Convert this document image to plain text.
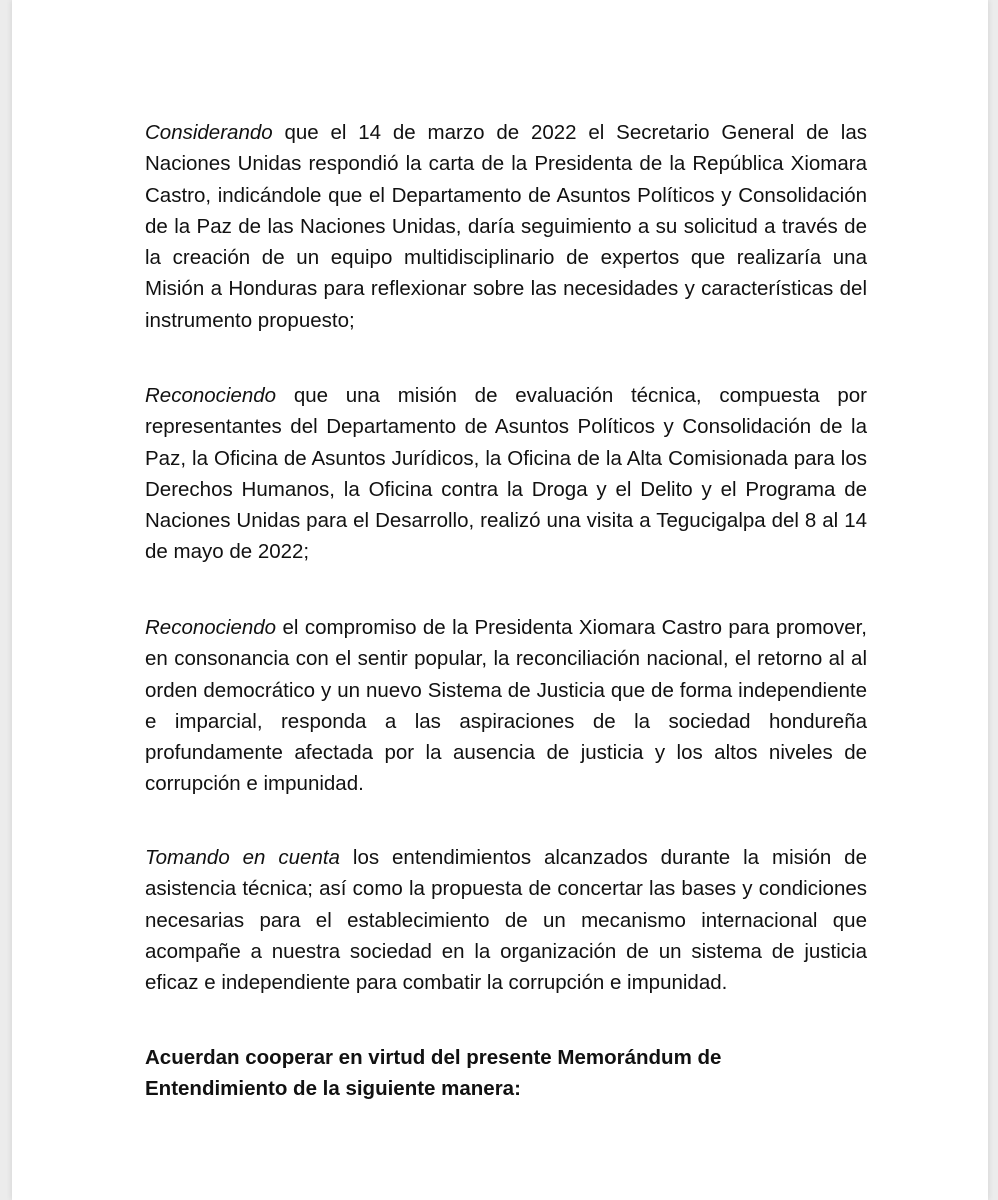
Considerando que el 14 de marzo de 2022 el Secretario General de las Naciones Unidas respondió la carta de la Presidenta de la República Xiomara Castro, indicándole que el Departamento de Asuntos Políticos y Consolidación de la Paz de las Naciones Unidas, daría seguimiento a su solicitud a través de la creación de un equipo multidisciplinario de expertos que realizaría una Misión a Honduras para reflexionar sobre las necesidades y características del instrumento propuesto;

Reconociendo que una misión de evaluación técnica, compuesta por representantes del Departamento de Asuntos Políticos y Consolidación de la Paz, la Oficina de Asuntos Jurídicos, la Oficina de la Alta Comisionada para los Derechos Humanos, la Oficina contra la Droga y el Delito y el Programa de Naciones Unidas para el Desarrollo, realizó una visita a Tegucigalpa del 8 al 14 de mayo de 2022;

Reconociendo el compromiso de la Presidenta Xiomara Castro para promover, en consonancia con el sentir popular, la reconciliación nacional, el retorno al al orden democrático y un nuevo Sistema de Justicia que de forma independiente e imparcial, responda a las aspiraciones de la sociedad hondureña profundamente afectada por la ausencia de justicia y los altos niveles de corrupción e impunidad.

Tomando en cuenta los entendimientos alcanzados durante la misión de asistencia técnica; así como la propuesta de concertar las bases y condiciones necesarias para el establecimiento de un mecanismo internacional que acompañe a nuestra sociedad en la organización de un sistema de justicia eficaz e independiente para combatir la corrupción e impunidad.

Acuerdan cooperar en virtud del presente Memorándum de Entendimiento de la siguiente manera:
